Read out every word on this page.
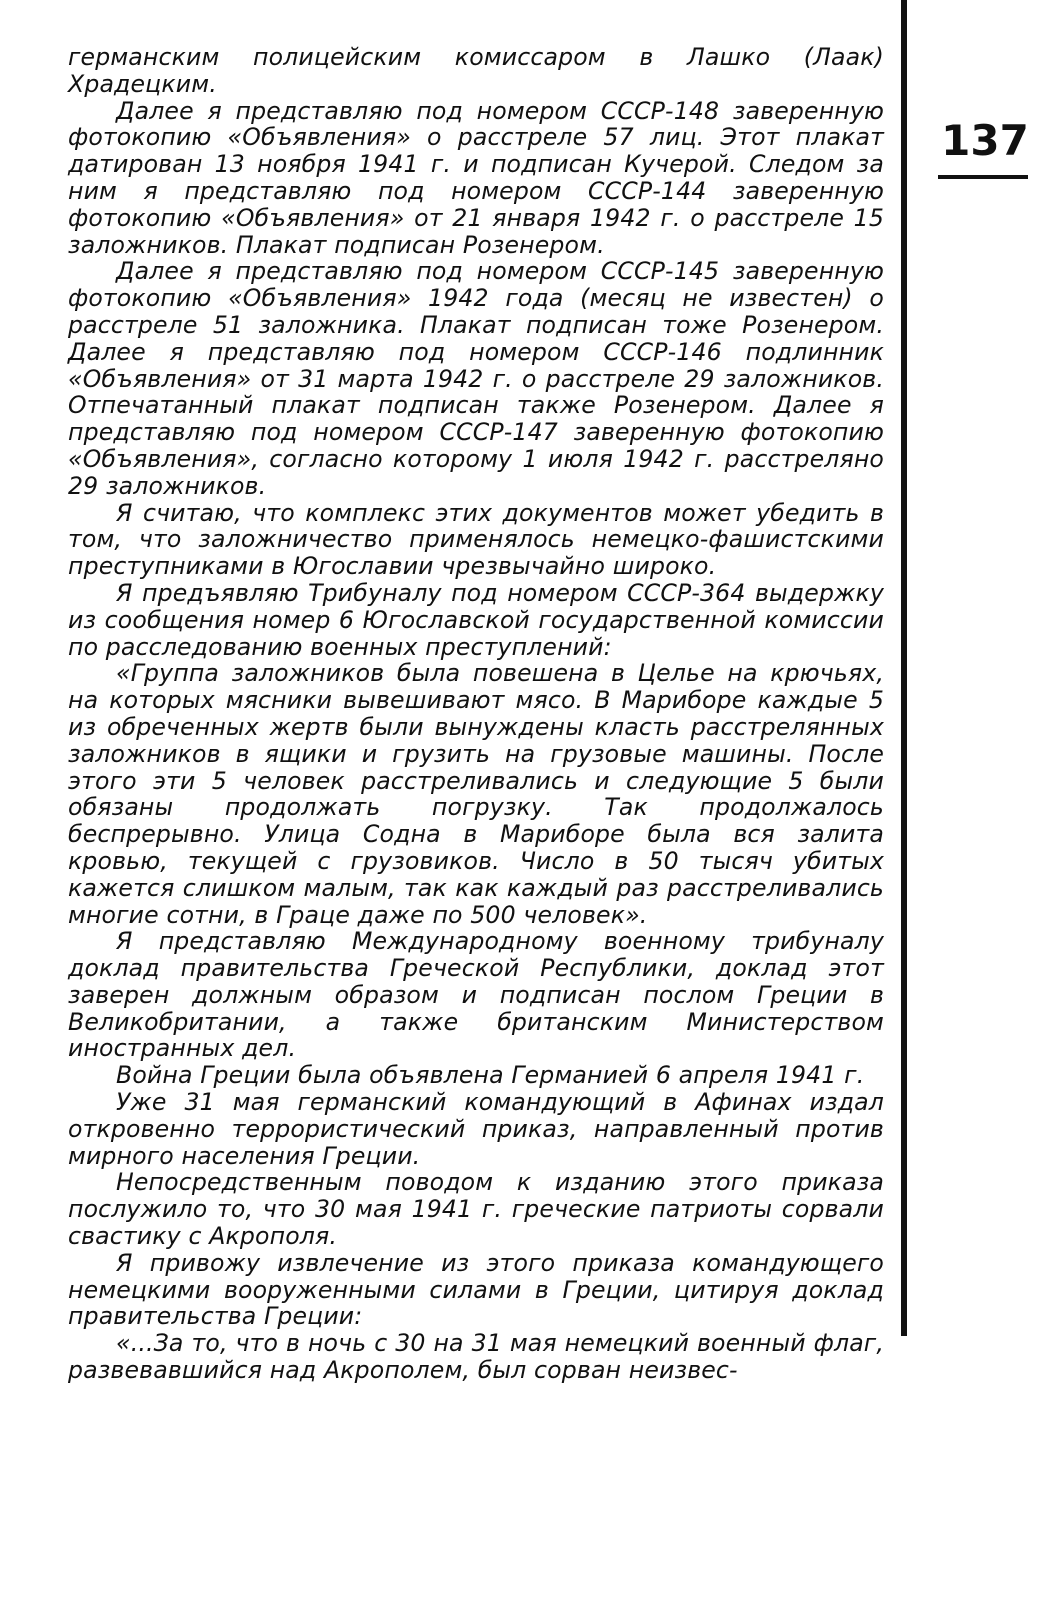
германским полицейским комиссаром в Лашко (Лаак) Храдецким.

Далее я представляю под номером СССР-148 заверенную фотокопию «Объявления» о расстреле 57 лиц. Этот плакат датирован 13 ноября 1941 г. и подписан Кучерой. Следом за ним я представляю под номером СССР-144 заверенную фотокопию «Объявления» от 21 января 1942 г. о расстреле 15 заложников. Плакат подписан Розенером.

Далее я представляю под номером СССР-145 заверенную фотокопию «Объявления» 1942 года (месяц не известен) о расстреле 51 заложника. Плакат подписан тоже Розенером. Далее я представляю под номером СССР-146 подлинник «Объявления» от 31 марта 1942 г. о расстреле 29 заложников. Отпечатанный плакат подписан также Розенером. Далее я представляю под номером СССР-147 заверенную фотокопию «Объявления», согласно которому 1 июля 1942 г. расстреляно 29 заложников.

Я считаю, что комплекс этих документов может убедить в том, что заложничество применялось немецко-фашистскими преступниками в Югославии чрезвычайно широко.

Я предъявляю Трибуналу под номером СССР-364 выдержку из сообщения номер 6 Югославской государственной комиссии по расследованию военных преступлений:

«Группа заложников была повешена в Целье на крючьях, на которых мясники вывешивают мясо. В Мариборе каждые 5 из обреченных жертв были вынуждены класть расстрелянных заложников в ящики и грузить на грузовые машины. После этого эти 5 человек расстреливались и следующие 5 были обязаны продолжать погрузку. Так продолжалось беспрерывно. Улица Содна в Мариборе была вся залита кровью, текущей с грузовиков. Число в 50 тысяч убитых кажется слишком малым, так как каждый раз расстреливались многие сотни, в Граце даже по 500 человек».

Я представляю Международному военному трибуналу доклад правительства Греческой Республики, доклад этот заверен должным образом и подписан послом Греции в Великобритании, а также британским Министерством иностранных дел.

Война Греции была объявлена Германией 6 апреля 1941 г.

Уже 31 мая германский командующий в Афинах издал откровенно террористический приказ, направленный против мирного населения Греции.

Непосредственным поводом к изданию этого приказа послужило то, что 30 мая 1941 г. греческие патриоты сорвали свастику с Акрополя.

Я привожу извлечение из этого приказа командующего немецкими вооруженными силами в Греции, цитируя доклад правительства Греции:

«...За то, что в ночь с 30 на 31 мая немецкий военный флаг, развевавшийся над Акрополем, был сорван неизвес-

137
